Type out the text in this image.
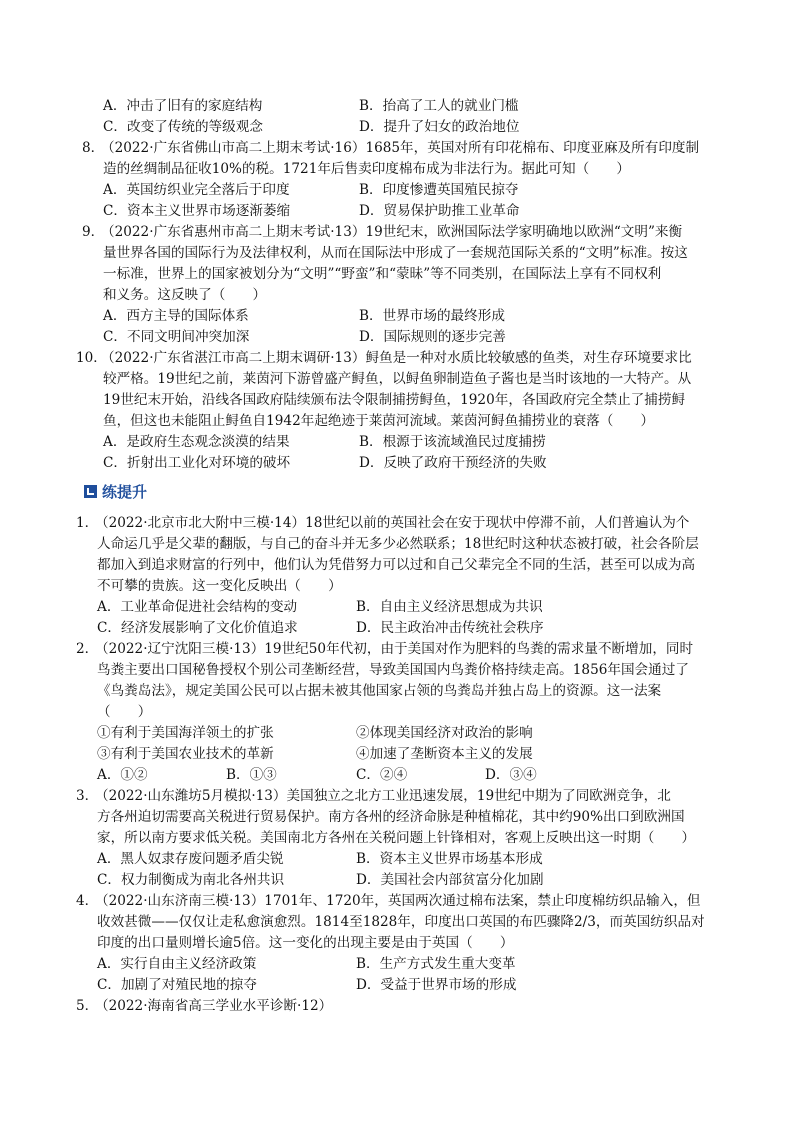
A．冲击了旧有的家庭结构	B．抬高了工人的就业门槛
C．改变了传统的等级观念	D．提升了妇女的政治地位
8．
（2022·广东省佛山市高二上期末考试·16）1685年，英国对所有印花棉布、印度亚麻及所有印度制
造的丝绸制品征收10%的税。1721年后售卖印度棉布成为非法行为。据此可知（　　）
A．英国纺织业完全落后于印度	B．印度惨遭英国殖民掠夺
C．资本主义世界市场逐渐萎缩	D．贸易保护助推工业革命
9．
（2022·广东省惠州市高二上期末考试·13）19世纪末，欧洲国际法学家明确地以欧洲“文明”来衡
量世界各国的国际行为及法律权利，从而在国际法中形成了一套规范国际关系的“文明”标准。按这
一标准，世界上的国家被划分为“文明”“野蛮”和“蒙昧”等不同类别，在国际法上享有不同权利
和义务。这反映了（　　）
A．西方主导的国际体系	B．世界市场的最终形成
C．不同文明间冲突加深	D．国际规则的逐步完善
10．
（2022·广东省湛江市高二上期末调研·13）鲟鱼是一种对水质比较敏感的鱼类，对生存环境要求比
较严格。19世纪之前，莱茵河下游曾盛产鲟鱼，以鲟鱼卵制造鱼子酱也是当时该地的一大特产。从
19世纪末开始，沿线各国政府陆续颁布法令限制捕捞鲟鱼，1920年，各国政府完全禁止了捕捞鲟
鱼，但这也未能阻止鲟鱼自1942年起绝迹于莱茵河流域。莱茵河鲟鱼捕捞业的衰落（　　）
A．是政府生态观念淡漠的结果	B．根源于该流域渔民过度捕捞
C．折射出工业化对环境的破坏	D．反映了政府干预经济的失败
练提升
1．
（2022·北京市北大附中三模·14）18世纪以前的英国社会在安于现状中停滞不前，人们普遍认为个
人命运几乎是父辈的翻版，与自己的奋斗并无多少必然联系；18世纪时这种状态被打破，社会各阶层
都加入到追求财富的行列中，他们认为凭借努力可以过和自己父辈完全不同的生活，甚至可以成为高
不可攀的贵族。这一变化反映出（　　）
A．工业革命促进社会结构的变动	B．自由主义经济思想成为共识
C．经济发展影响了文化价值追求	D．民主政治冲击传统社会秩序
2．
（2022·辽宁沈阳三模·13）19世纪50年代初，由于美国对作为肥料的鸟粪的需求量不断增加，同时
鸟粪主要出口国秘鲁授权个别公司垄断经营，导致美国国内鸟粪价格持续走高。1856年国会通过了
《鸟粪岛法》，规定美国公民可以占据未被其他国家占领的鸟粪岛并独占岛上的资源。这一法案
（　　）
①有利于美国海洋领土的扩张	②体现美国经济对政治的影响
③有利于美国农业技术的革新	④加速了垄断资本主义的发展
A．①②	B．①③	C．②④	D．③④
3．
（2022·山东潍坊5月模拟·13）美国独立之北方工业迅速发展，19世纪中期为了同欧洲竞争，北
方各州迫切需要高关税进行贸易保护。南方各州的经济命脉是种植棉花，其中约90%出口到欧洲国
家，所以南方要求低关税。美国南北方各州在关税问题上针锋相对，客观上反映出这一时期（　　）
A．黑人奴隶存废问题矛盾尖锐	B．资本主义世界市场基本形成
C．权力制衡成为南北各州共识	D．美国社会内部贫富分化加剧
4．
（2022·山东济南三模·13）1701年、1720年，英国两次通过棉布法案，禁止印度棉纺织品输入，但
收效甚微——仅仅让走私愈演愈烈。1814至1828年，印度出口英国的布匹骤降2/3，而英国纺织品对
印度的出口量则增长逾5倍。这一变化的出现主要是由于英国（　　）
A．实行自由主义经济政策	B．生产方式发生重大变革
C．加剧了对殖民地的掠夺	D．受益于世界市场的形成
5．
（2022·海南省高三学业水平诊断·12）
